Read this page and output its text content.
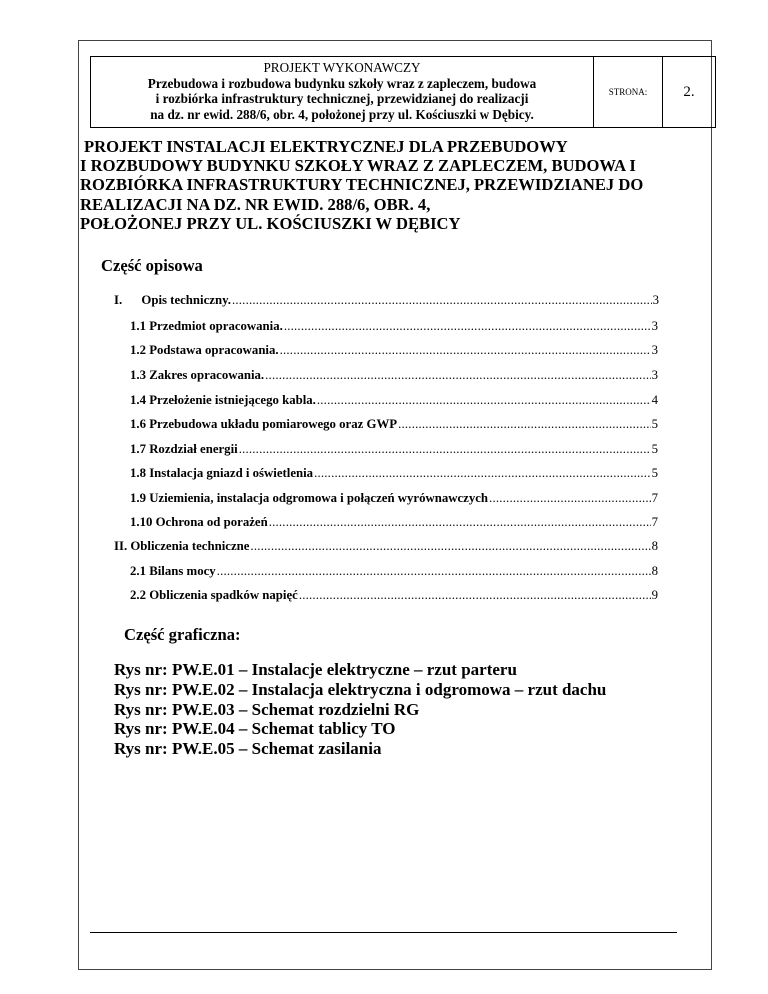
PROJEKT WYKONAWCZY
Przebudowa i rozbudowa budynku szkoły wraz z zapleczem, budowa
i rozbiórka infrastruktury technicznej, przewidzianej do realizacji
na dz. nr ewid. 288/6, obr. 4, położonej przy ul. Kościuszki w Dębicy.
STRONA:	2.
PROJEKT INSTALACJI ELEKTRYCZNEJ DLA PRZEBUDOWY
I ROZBUDOWY BUDYNKU SZKOŁY WRAZ Z ZAPLECZEM, BUDOWA I
ROZBIÓRKA INFRASTRUKTURY TECHNICZNEJ, PRZEWIDZIANEJ DO
REALIZACJI NA DZ. NR EWID. 288/6, OBR. 4,
POŁOŻONEJ PRZY UL. KOŚCIUSZKI W DĘBICY
Część opisowa
I.      Opis techniczny. .....	3
1.1 Przedmiot opracowania. .....	3
1.2 Podstawa opracowania. .....	3
1.3 Zakres opracowania. .....	3
1.4 Przełożenie istniejącego kabla. .....	4
1.6 Przebudowa układu pomiarowego oraz GWP .....	5
1.7 Rozdział energii .....	5
1.8 Instalacja gniazd i oświetlenia .....	5
1.9 Uziemienia, instalacja odgromowa i połączeń wyrównawczych .....	7
1.10 Ochrona od porażeń .....	7
II. Obliczenia techniczne .....	8
2.1 Bilans mocy .....	8
2.2 Obliczenia spadków napięć .....	9
Część graficzna:
Rys nr: PW.E.01 – Instalacje elektryczne – rzut parteru
Rys nr: PW.E.02 – Instalacja elektryczna i odgromowa – rzut dachu
Rys nr: PW.E.03 – Schemat rozdzielni RG
Rys nr: PW.E.04 – Schemat tablicy TO
Rys nr: PW.E.05 – Schemat zasilania
